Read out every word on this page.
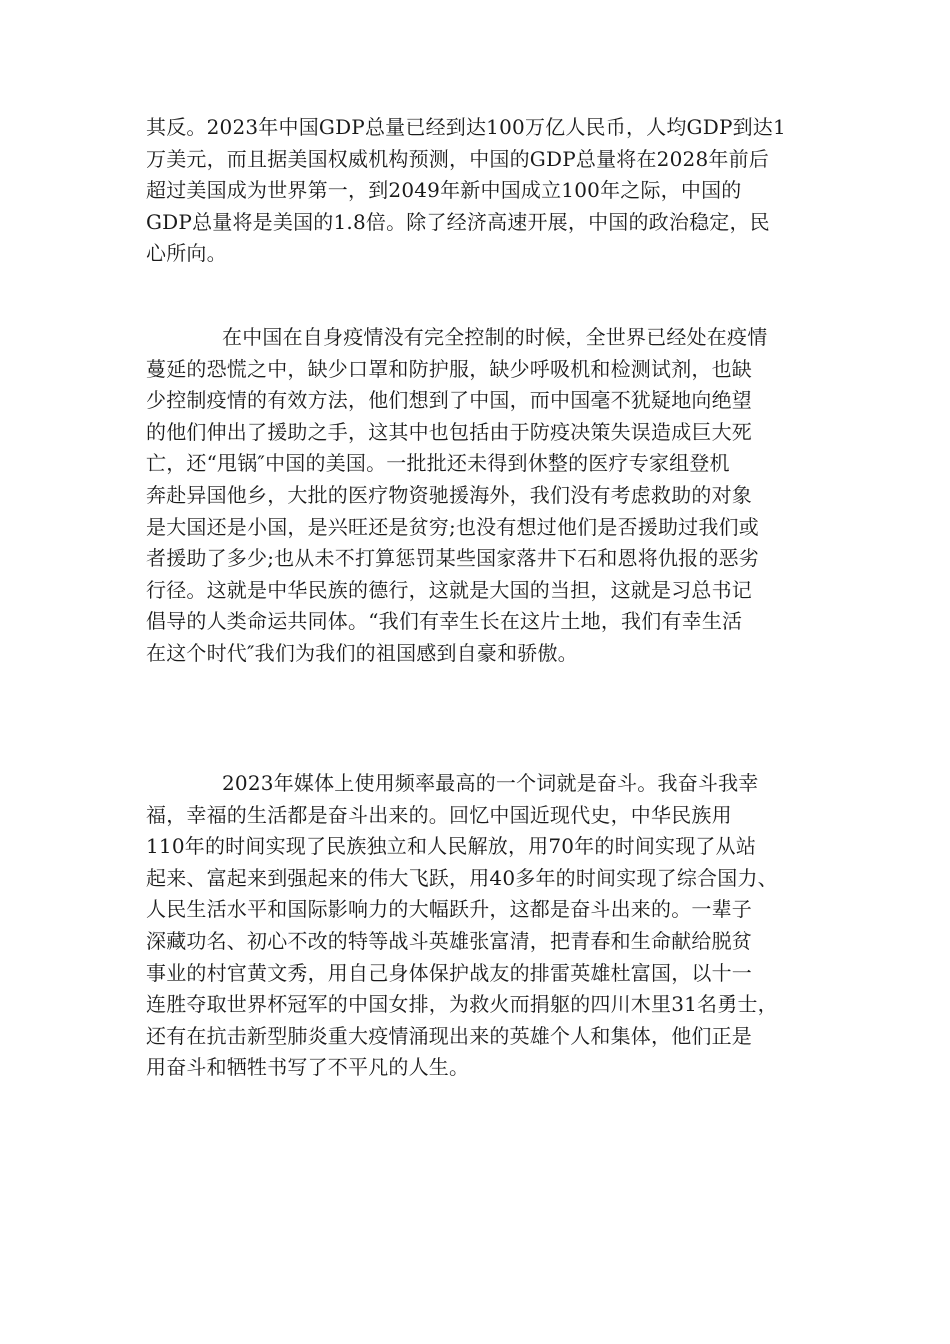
其反。2023年中国GDP总量已经到达100万亿人民币，人均GDP到达1
万美元，而且据美国权威机构预测，中国的GDP总量将在2028年前后
超过美国成为世界第一，到2049年新中国成立100年之际，中国的
GDP总量将是美国的1.8倍。除了经济高速开展，中国的政治稳定，民
心所向。
在中国在自身疫情没有完全控制的时候，全世界已经处在疫情
蔓延的恐慌之中，缺少口罩和防护服，缺少呼吸机和检测试剂，也缺
少控制疫情的有效方法，他们想到了中国，而中国毫不犹疑地向绝望
的他们伸出了援助之手，这其中也包括由于防疫决策失误造成巨大死
亡，还“甩锅″中国的美国。一批批还未得到休整的医疗专家组登机
奔赴异国他乡，大批的医疗物资驰援海外，我们没有考虑救助的对象
是大国还是小国，是兴旺还是贫穷;也没有想过他们是否援助过我们或
者援助了多少;也从未不打算惩罚某些国家落井下石和恩将仇报的恶劣
行径。这就是中华民族的德行，这就是大国的当担，这就是习总书记
倡导的人类命运共同体。“我们有幸生长在这片土地，我们有幸生活
在这个时代″我们为我们的祖国感到自豪和骄傲。
2023年媒体上使用频率最高的一个词就是奋斗。我奋斗我幸
福，幸福的生活都是奋斗出来的。回忆中国近现代史，中华民族用
110年的时间实现了民族独立和人民解放，用70年的时间实现了从站
起来、富起来到强起来的伟大飞跃，用40多年的时间实现了综合国力、
人民生活水平和国际影响力的大幅跃升，这都是奋斗出来的。一辈子
深藏功名、初心不改的特等战斗英雄张富清，把青春和生命献给脱贫
事业的村官黄文秀，用自己身体保护战友的排雷英雄杜富国，以十一
连胜夺取世界杯冠军的中国女排，为救火而捐躯的四川木里31名勇士，
还有在抗击新型肺炎重大疫情涌现出来的英雄个人和集体，他们正是
用奋斗和牺牲书写了不平凡的人生。
